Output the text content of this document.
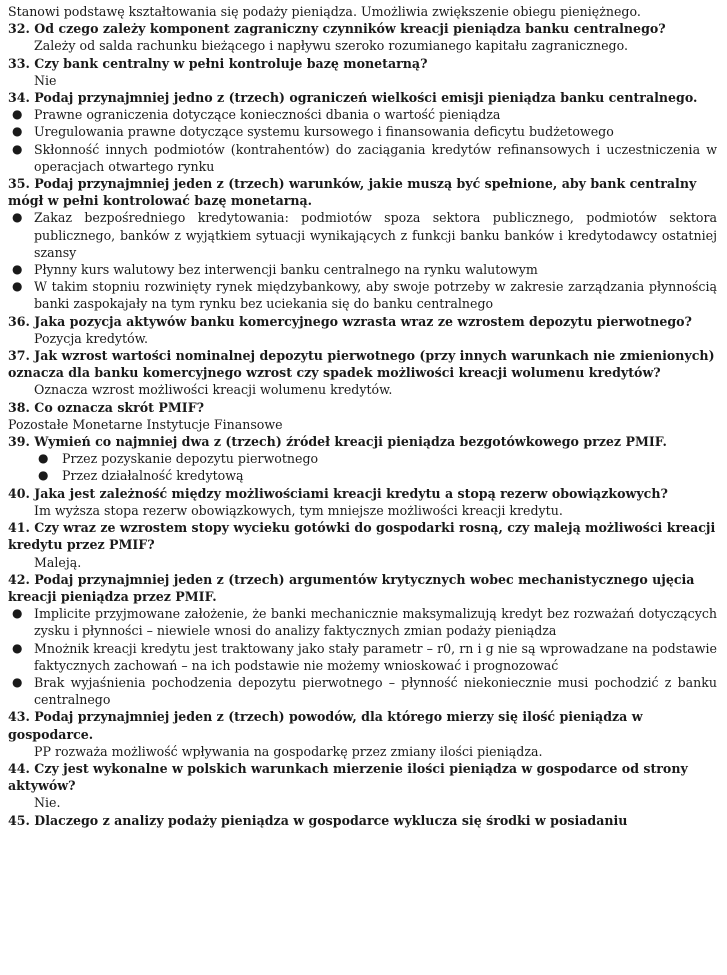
Stanowi podstawę kształtowania się podaży pieniądza. Umożliwia zwiększenie obiegu pieniężnego.
32. Od czego zależy komponent zagraniczny czynników kreacji pieniądza banku centralnego?
Zależy od salda rachunku bieżącego i napływu szeroko rozumianego kapitału zagranicznego.
33. Czy bank centralny w pełni kontroluje bazę monetarną?
Nie
34. Podaj przynajmniej jedno z (trzech) ograniczeń wielkości emisji pieniądza banku centralnego.
● Prawne ograniczenia dotyczące konieczności dbania o wartość pieniądza
● Uregulowania prawne dotyczące systemu kursowego i finansowania deficytu budżetowego
● Skłonność innych podmiotów (kontrahentów) do zaciągania kredytów refinansowych i uczestniczenia w operacjach otwartego rynku
35. Podaj przynajmniej jeden z (trzech) warunków, jakie muszą być spełnione, aby bank centralny mógł w pełni kontrolować bazę monetarną.
● Zakaz bezpośredniego kredytowania: podmiotów spoza sektora publicznego, podmiotów sektora publicznego, banków z wyjątkiem sytuacji wynikających z funkcji banku banków i kredytodawcy ostatniej szansy
● Płynny kurs walutowy bez interwencji banku centralnego na rynku walutowym
● W takim stopniu rozwinięty rynek międzybankowy, aby swoje potrzeby w zakresie zarządzania płynnością banki zaspokajały na tym rynku bez uciekania się do banku centralnego
36. Jaka pozycja aktywów banku komercyjnego wzrasta wraz ze wzrostem depozytu pierwotnego?
Pozycja kredytów.
37. Jak wzrost wartości nominalnej depozytu pierwotnego (przy innych warunkach nie zmienionych) oznacza dla banku komercyjnego wzrost czy spadek możliwości kreacji wolumenu kredytów?
Oznacza wzrost możliwości kreacji wolumenu kredytów.
38. Co oznacza skrót PMIF?
Pozostałe Monetarne Instytucje Finansowe
39. Wymień co najmniej dwa z (trzech) źródeł kreacji pieniądza bezgotówkowego przez PMIF.
● Przez pozyskanie depozytu pierwotnego
● Przez działalność kredytową
40. Jaka jest zależność między możliwościami kreacji kredytu a stopą rezerw obowiązkowych?
Im wyższa stopa rezerw obowiązkowych, tym mniejsze możliwości kreacji kredytu.
41. Czy wraz ze wzrostem stopy wycieku gotówki do gospodarki rosną, czy maleją możliwości kreacji kredytu przez PMIF?
Maleją.
42. Podaj przynajmniej jeden z (trzech) argumentów krytycznych wobec mechanistycznego ujęcia kreacji pieniądza przez PMIF.
● Implicite przyjmowane założenie, że banki mechanicznie maksymalizują kredyt bez rozważań dotyczących zysku i płynności – niewiele wnosi do analizy faktycznych zmian podaży pieniądza
● Mnożnik kreacji kredytu jest traktowany jako stały parametr – r0, rn i g nie są wprowadzane na podstawie faktycznych zachowań – na ich podstawie nie możemy wnioskować i prognozować
● Brak wyjaśnienia pochodzenia depozytu pierwotnego – płynność niekoniecznie musi pochodzić z banku centralnego
43. Podaj przynajmniej jeden z (trzech) powodów, dla którego mierzy się ilość pieniądza w gospodarce.
PP rozważa możliwość wpływania na gospodarkę przez zmiany ilości pieniądza.
44. Czy jest wykonalne w polskich warunkach mierzenie ilości pieniądza w gospodarce od strony aktywów?
Nie.
45. Dlaczego z analizy podaży pieniądza w gospodarce wyklucza się środki w posiadaniu
